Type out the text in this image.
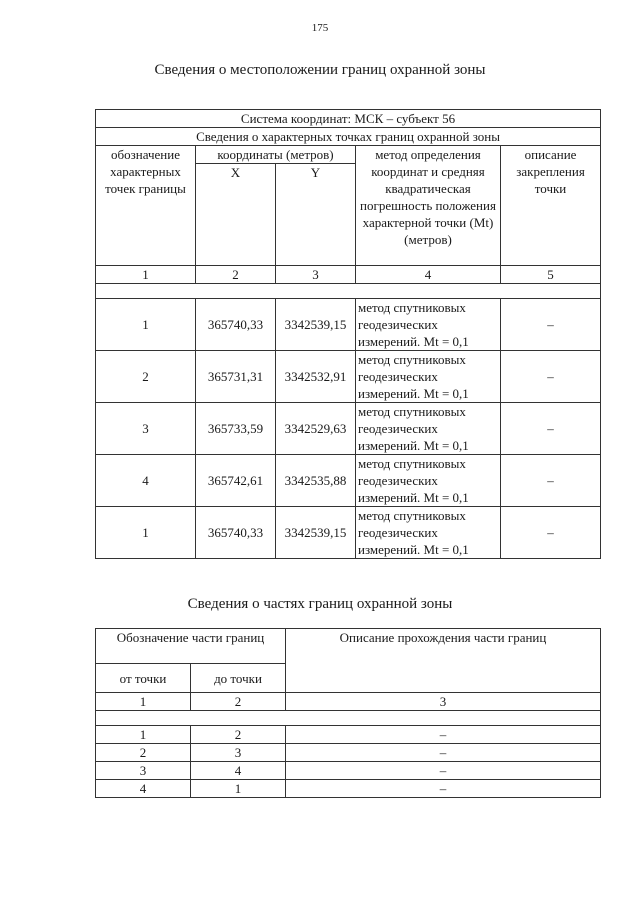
175
Сведения о местоположении границ охранной зоны
Система координат: МСК – субъект 56				
Сведения о характерных точках границ охранной зоны				
обозначение характерных точек границы	координаты (метров)		метод определения координат и средняя квадратическая погрешность положения характерной точки (Mt) (метров)	описание закрепления точки
	X	Y		
1	2	3	4	5

1	365740,33	3342539,15	метод спутниковых геодезических измерений. Mt = 0,1	–
2	365731,31	3342532,91	метод спутниковых геодезических измерений. Mt = 0,1	–
3	365733,59	3342529,63	метод спутниковых геодезических измерений. Mt = 0,1	–
4	365742,61	3342535,88	метод спутниковых геодезических измерений. Mt = 0,1	–
1	365740,33	3342539,15	метод спутниковых геодезических измерений. Mt = 0,1	–
Сведения о частях границ охранной зоны
Обозначение части границ		Описание прохождения части границ
от точки	до точки	
1	2	3

1	2	–
2	3	–
3	4	–
4	1	–
